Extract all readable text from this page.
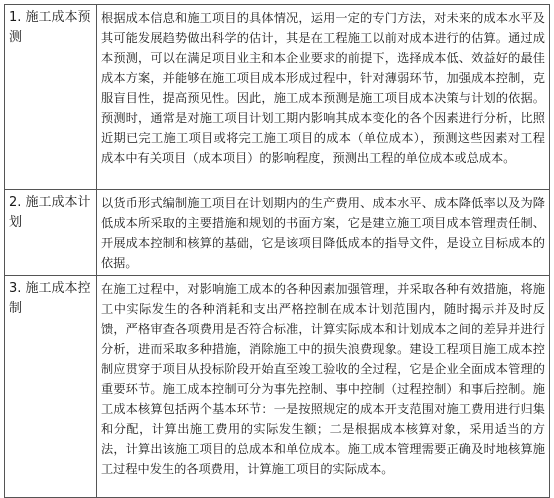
1. 施工成本预测	根据成本信息和施工项目的具体情况，运用一定的专门方法，对未来的成本水平及其可能发展趋势做出科学的估计，其是在工程施工以前对成本进行的估算。通过成本预测，可以在满足项目业主和本企业要求的前提下，选择成本低、效益好的最佳成本方案，并能够在施工项目成本形成过程中，针对薄弱环节，加强成本控制，克服盲目性，提高预见性。因此，施工成本预测是施工项目成本决策与计划的依据。预测时，通常是对施工项目计划工期内影响其成本变化的各个因素进行分析，比照近期已完工施工项目或将完工施工项目的成本（单位成本），预测这些因素对工程成本中有关项目（成本项目）的影响程度，预测出工程的单位成本或总成本。
2. 施工成本计划	以货币形式编制施工项目在计划期内的生产费用、成本水平、成本降低率以及为降低成本所采取的主要措施和规划的书面方案，它是建立施工项目成本管理责任制、开展成本控制和核算的基础，它是该项目降低成本的指导文件，是设立目标成本的依据。
3. 施工成本控制	在施工过程中，对影响施工成本的各种因素加强管理，并采取各种有效措施，将施工中实际发生的各种消耗和支出严格控制在成本计划范围内，随时揭示并及时反馈，严格审查各项费用是否符合标准，计算实际成本和计划成本之间的差异并进行分析，进而采取多种措施，消除施工中的损失浪费现象。建设工程项目施工成本控制应贯穿于项目从投标阶段开始直至竣工验收的全过程，它是企业全面成本管理的重要环节。施工成本控制可分为事先控制、事中控制（过程控制）和事后控制。施工成本核算包括两个基本环节：一是按照规定的成本开支范围对施工费用进行归集和分配，计算出施工费用的实际发生额；二是根据成本核算对象，采用适当的方法，计算出该施工项目的总成本和单位成本。施工成本管理需要正确及时地核算施工过程中发生的各项费用，计算施工项目的实际成本。
